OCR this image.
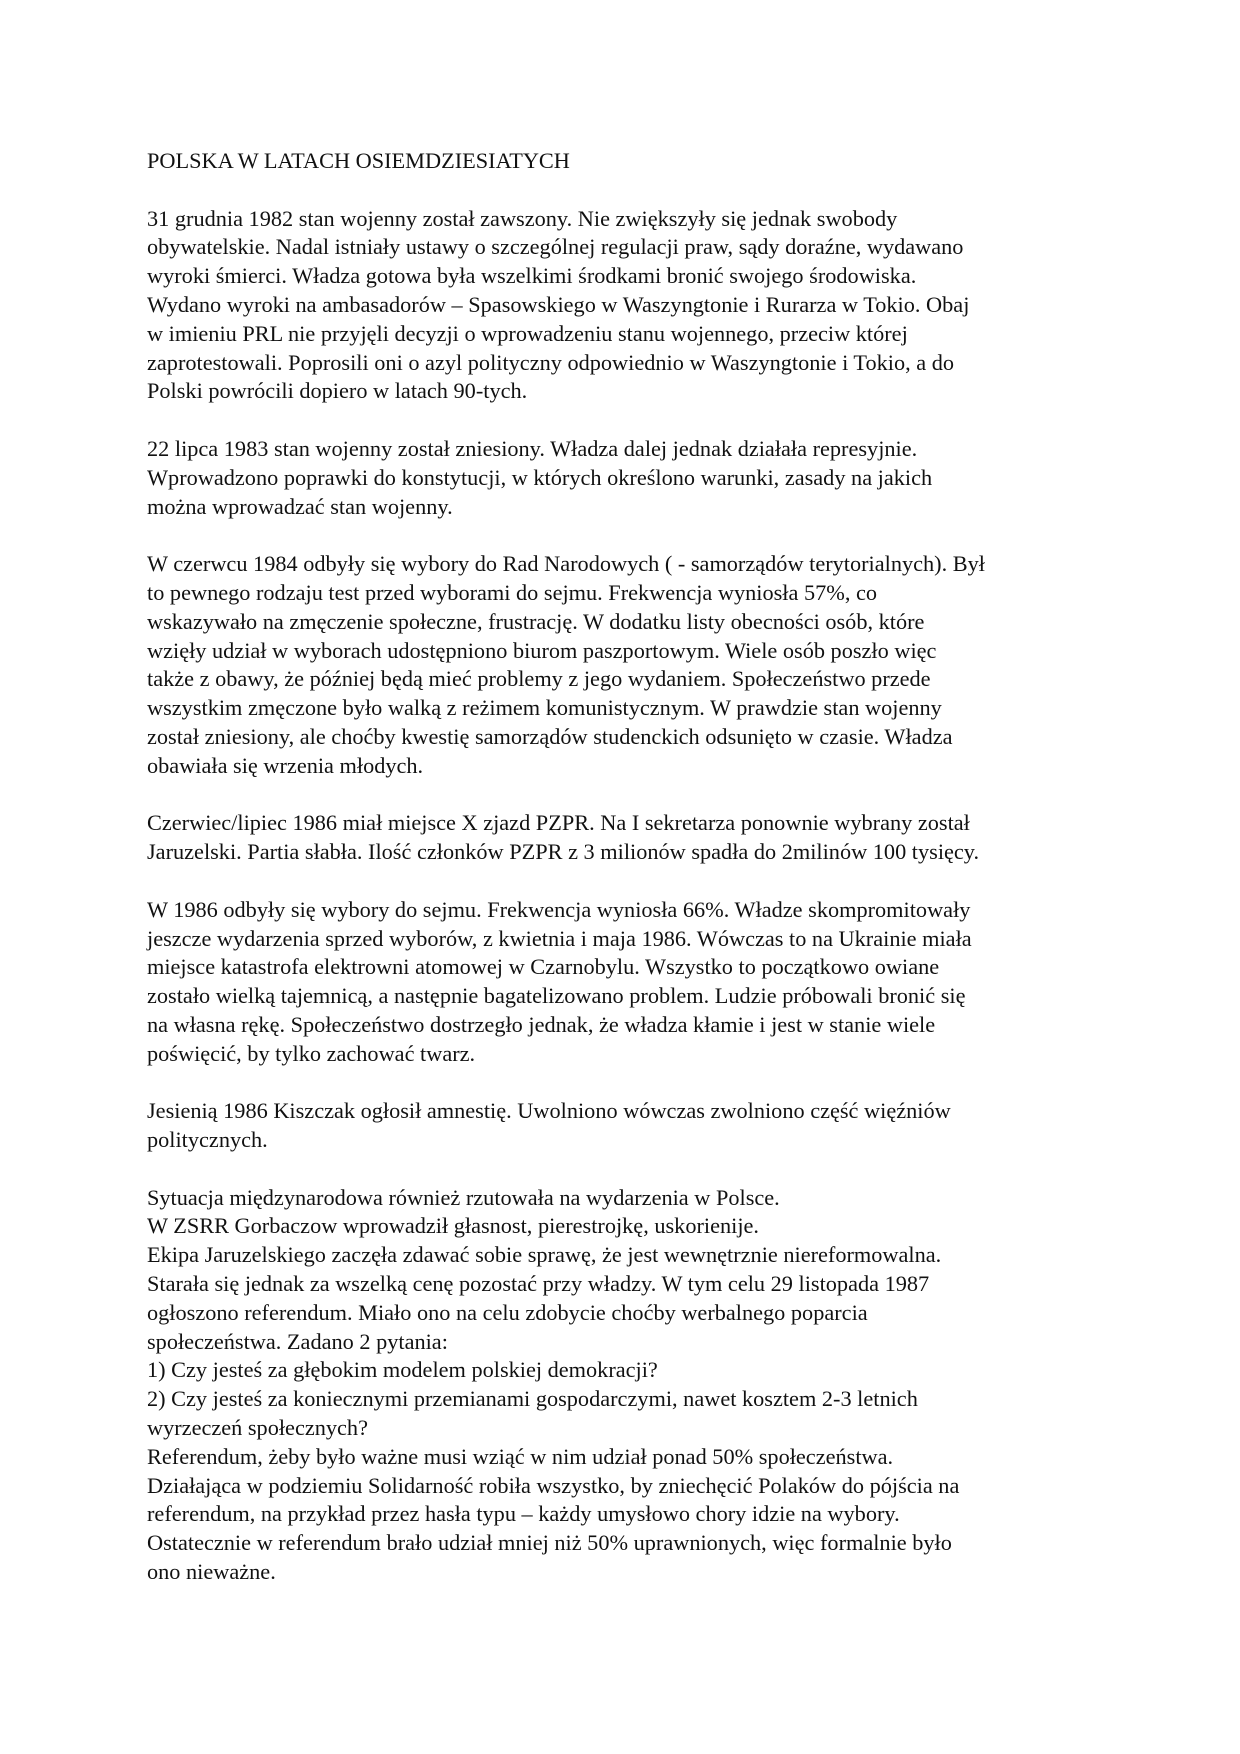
POLSKA W LATACH OSIEMDZIESIATYCH

31 grudnia 1982 stan wojenny został zawszony. Nie zwiększyły się jednak swobody
obywatelskie. Nadal istniały ustawy o szczególnej regulacji praw, sądy doraźne, wydawano
wyroki śmierci. Władza gotowa była wszelkimi środkami bronić swojego środowiska.
Wydano wyroki na ambasadorów – Spasowskiego w Waszyngtonie i Rurarza w Tokio. Obaj
w imieniu PRL nie przyjęli decyzji o wprowadzeniu stanu wojennego, przeciw której
zaprotestowali. Poprosili oni o azyl polityczny odpowiednio w Waszyngtonie i Tokio, a do
Polski powrócili dopiero w latach 90-tych.

22 lipca 1983 stan wojenny został zniesiony. Władza dalej jednak działała represyjnie.
Wprowadzono poprawki do konstytucji, w których określono warunki, zasady na jakich
można wprowadzać stan wojenny.

W czerwcu 1984 odbyły się wybory do Rad Narodowych ( - samorządów terytorialnych). Był
to pewnego rodzaju test przed wyborami do sejmu. Frekwencja wyniosła 57%, co
wskazywało na zmęczenie społeczne, frustrację. W dodatku listy obecności osób, które
wzięły udział w wyborach udostępniono biurom paszportowym. Wiele osób poszło więc
także z obawy, że później będą mieć problemy z jego wydaniem. Społeczeństwo przede
wszystkim zmęczone było walką z reżimem komunistycznym. W prawdzie stan wojenny
został zniesiony, ale choćby kwestię samorządów studenckich odsunięto w czasie. Władza
obawiała się wrzenia młodych.

Czerwiec/lipiec 1986 miał miejsce X zjazd PZPR. Na I sekretarza ponownie wybrany został
Jaruzelski. Partia słabła. Ilość członków PZPR z 3 milionów spadła do 2milinów 100 tysięcy.

W 1986 odbyły się wybory do sejmu. Frekwencja wyniosła 66%. Władze skompromitowały
jeszcze wydarzenia sprzed wyborów, z kwietnia i maja 1986. Wówczas to na Ukrainie miała
miejsce katastrofa elektrowni atomowej w Czarnobylu. Wszystko to początkowo owiane
zostało wielką tajemnicą, a następnie bagatelizowano problem. Ludzie próbowali bronić się
na własna rękę. Społeczeństwo dostrzegło jednak, że władza kłamie i jest w stanie wiele
poświęcić, by tylko zachować twarz.

Jesienią 1986 Kiszczak ogłosił amnestię. Uwolniono wówczas zwolniono część więźniów
politycznych.

Sytuacja międzynarodowa również rzutowała na wydarzenia w Polsce.
W ZSRR Gorbaczow wprowadził głasnost, pierestrojkę, uskorienije.
Ekipa Jaruzelskiego zaczęła zdawać sobie sprawę, że jest wewnętrznie niereformowalna.
Starała się jednak za wszelką cenę pozostać przy władzy. W tym celu 29 listopada 1987
ogłoszono referendum. Miało ono na celu zdobycie choćby werbalnego poparcia
społeczeństwa. Zadano 2 pytania:
1) Czy jesteś za głębokim modelem polskiej demokracji?
2) Czy jesteś za koniecznymi przemianami gospodarczymi, nawet kosztem 2-3 letnich
wyrzeczeń społecznych?
Referendum, żeby było ważne musi wziąć w nim udział ponad 50% społeczeństwa.
Działająca w podziemiu Solidarność robiła wszystko, by zniechęcić Polaków do pójścia na
referendum, na przykład przez hasła typu – każdy umysłowo chory idzie na wybory.
Ostatecznie w referendum brało udział mniej niż 50% uprawnionych, więc formalnie było
ono nieważne.
